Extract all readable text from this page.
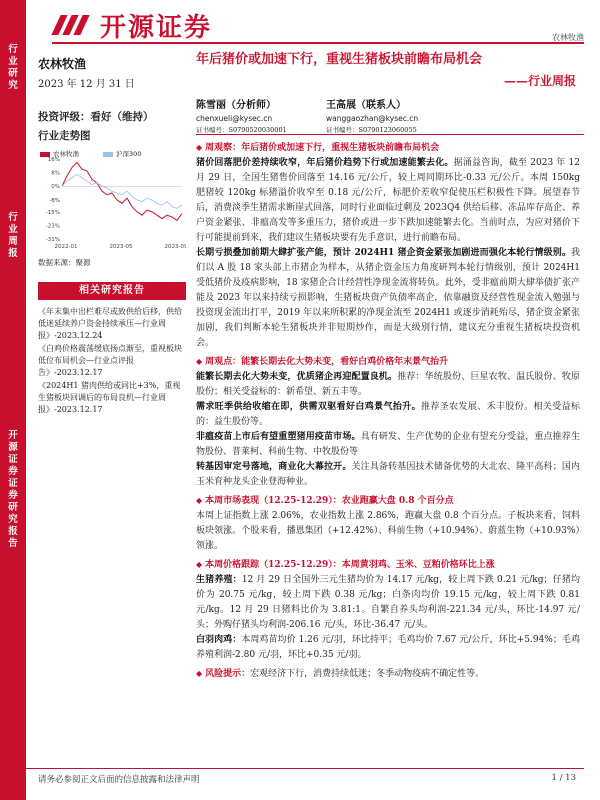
行业研究
行业周报
开源证券 证券研究报告
开源证券	农林牧渔
农林牧渔
2023 年 12 月 31 日
投资评级：看好（维持）
行业走势图
农林牧渔	沪深300
16%
8%
0%
-8%
-15%
-23%
-31%
2022-01	2023-05	2023-09
数据来源：聚源
相关研究报告

《年末集中出栏难尽或致供给后移，供给低迷延续养户资金持续承压—行业周报》-2023.12.24

《白鸡价格震荡缓底扬点渐至，重视板块低位布局机会—行业点评报告》-2023.12.17

《2024H1 猪肉供给或同比+3%，重视生猪板块回调后的布局良机—行业周报》-2023.12.17

年后猪价或加速下行，重视生猪板块前瞻布局机会
——行业周报
陈雪丽（分析师）
chenxueli@kysec.cn
证书编号：S0790520030001
王高展（联系人）
wanggaozhan@kysec.cn
证书编号：S0790123060055
◆ 周观察：年后猪价或加速下行，重视生猪板块前瞻布局机会
猪价回落肥价差持续收窄，年后猪价趋势下行或加速能繁去化。据涌益咨询，截至 2023 年 12 月 29 日，全国生猪售价回落至 14.16 元/公斤，较上周同期环比-0.33 元/公斤。本周 150kg 肥猪较 120kg 标猪溢价收窄至 0.18 元/公斤，标肥价差收窄促使压栏积极性下降。展望春节后，消费淡季生猪需求断崖式回落，同时行业面临过剩及 2023Q4 供给后移、冻品库存高企、养户资金紧张、非瘟高发等多重压力，猪价或进一步下跌加速能繁去化。当前时点，为应对猪价下行可能提前到来，我们建议生猪板块要有先手意识，进行前瞻布局。
长期亏损叠加前期大肆扩张产能，预计 2024H1 猪企资金紧张加剧进而强化本轮行情级别。我们以 A 股 18 家头部上市猪企为样本，从猪企资金压力角度研判本轮行情级别，预计 2024H1 受低猪价及疫病影响，18 家猪企合计经营性净现金流将转负。此外，受非瘟前期大肆举债扩张产能及 2023 年以来持续亏损影响，生猪板块资产负债率高企，依靠融资及经营性现金流入勉强与投资现金流出打平，2019 年以来所积累的净现金流至 2024H1 或逐步消耗殆尽，猪企资金紧张加剧，我们判断本轮生猪板块并非短期炒作，而是大级别行情，建议充分重视生猪板块投资机会。
◆ 周观点：能繁长期去化大势未变，看好白鸡价格年末景气抬升
能繁长期去化大势未变，优质猪企再迎配置良机。推荐：华统股份、巨星农牧、温氏股份、牧原股份；相关受益标的：新希望、新五丰等。
需求旺季供给收缩在即，供需双驱看好白鸡景气抬升。推荐圣农发展、禾丰股份。相关受益标的：益生股份等。
非瘟疫苗上市后有望重塑猪用疫苗市场。具有研发、生产优势的企业有望充分受益，重点推荐生物股份、普莱柯、科前生物、中牧股份等
转基因审定号落地，商业化大幕拉开。关注具备转基因技术储备优势的大北农、隆平高科；国内玉米育种龙头企业登海种业。
◆ 本周市场表现（12.25-12.29）：农业跑赢大盘 0.8 个百分点
本周上证指数上涨 2.06%，农业指数上涨 2.86%，跑赢大盘 0.8 个百分点。子板块来看，饲料板块领涨。个股来看，播恩集团（+12.42%）、科前生物（+10.94%）、蔚蓝生物（+10.93%）领涨。
◆ 本周价格跟踪（12.25-12.29）：本周黄羽鸡、玉米、豆粕价格环比上涨
生猪养殖：12 月 29 日全国外三元生猪均价为 14.17 元/kg，较上周下跌 0.21 元/kg；仔猪均价为 20.75 元/kg，较上周下跌 0.38 元/kg；白条肉均价 19.15 元/kg，较上周下跌 0.81 元/kg。12 月 29 日猪料比价为 3.81:1。自繁自养头均利润-221.34 元/头，环比-14.97 元/头；外购仔猪头均利润-206.16 元/头，环比-36.47 元/头。
白羽肉鸡：本周鸡苗均价 1.26 元/羽，环比持平；毛鸡均价 7.67 元/公斤，环比+5.94%；毛鸡养殖利润-2.80 元/羽，环比+0.35 元/羽。
◆ 风险提示：宏观经济下行，消费持续低迷；冬季动物疫病不确定性等。
请务必参阅正文后面的信息披露和法律声明	1 / 13
